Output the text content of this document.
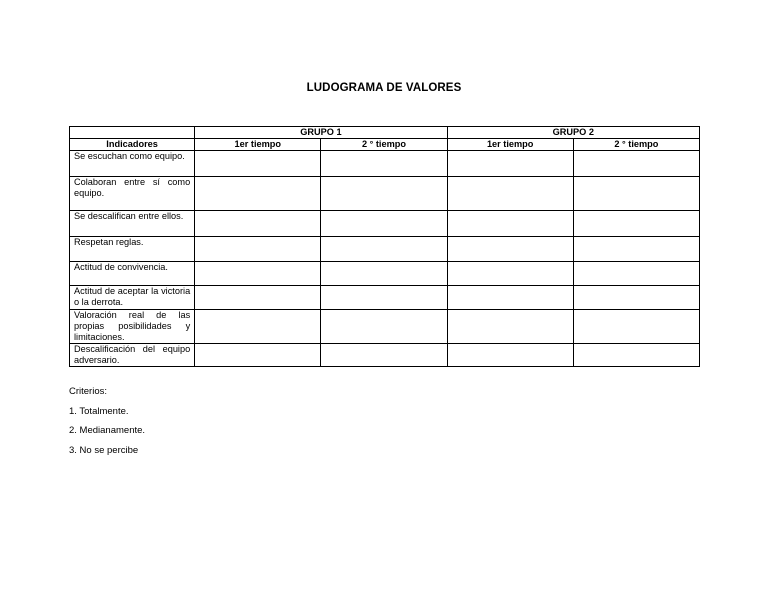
LUDOGRAMA DE VALORES
	GRUPO 1		GRUPO 2	
Indicadores	1er tiempo	2 ° tiempo	1er tiempo	2 ° tiempo
Se escuchan como equipo.				
Colaboran entre sí como equipo.				
Se descalifican entre ellos.				
Respetan reglas.				
Actitud de convivencia.				
Actitud de aceptar la victoria o la derrota.				
Valoración real de las propias posibilidades y limitaciones.				
Descalificación del equipo adversario.				
Criterios:
1. Totalmente.
2. Medianamente.
3. No se percibe
